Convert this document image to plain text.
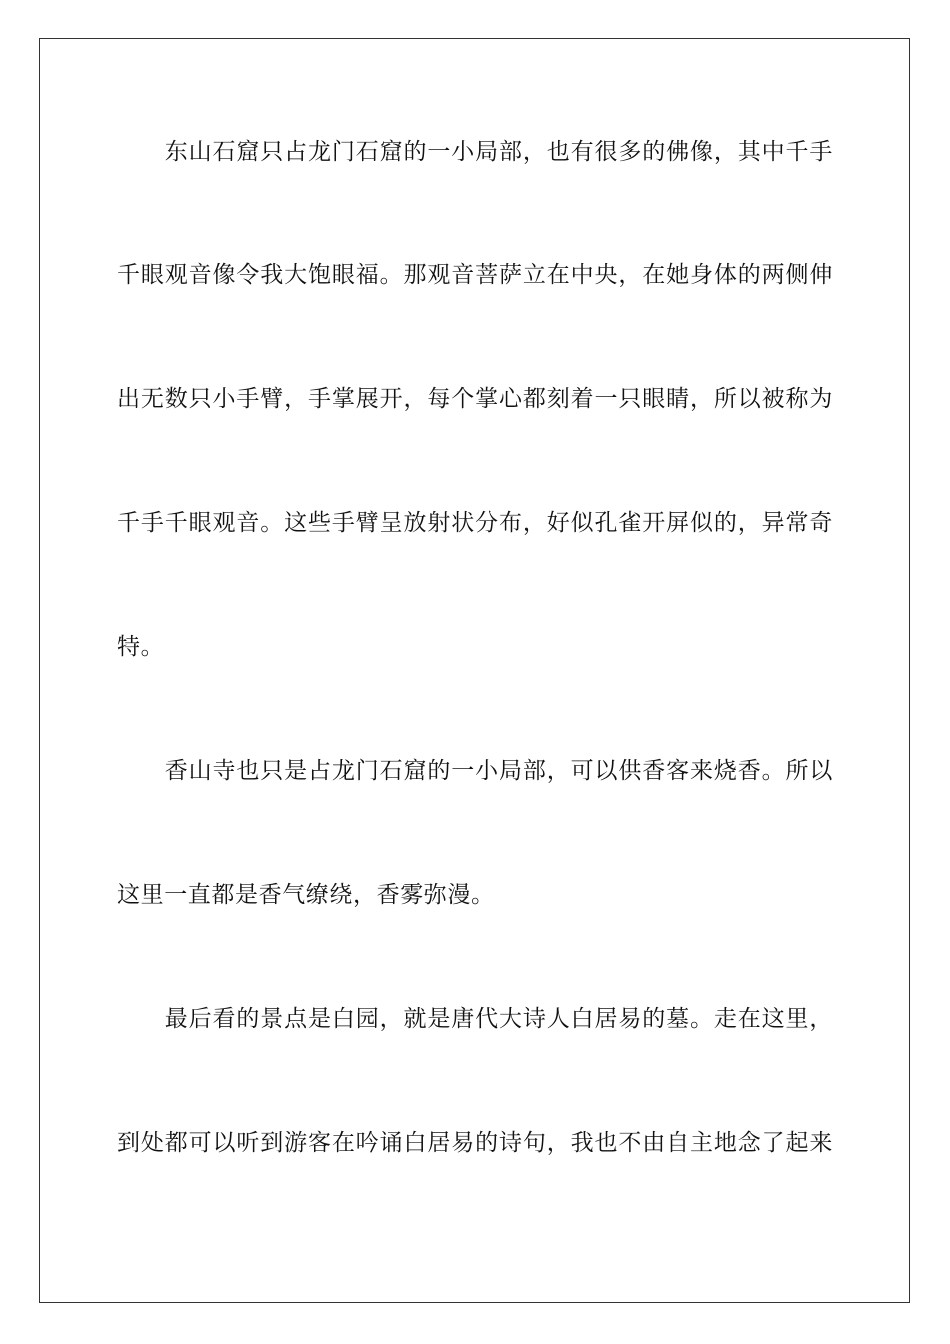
　　东山石窟只占龙门石窟的一小局部，也有很多的佛像，其中千手
千眼观音像令我大饱眼福。那观音菩萨立在中央，在她身体的两侧伸
出无数只小手臂，手掌展开，每个掌心都刻着一只眼睛，所以被称为
千手千眼观音。这些手臂呈放射状分布，好似孔雀开屏似的，异常奇
特。
　　香山寺也只是占龙门石窟的一小局部，可以供香客来烧香。所以
这里一直都是香气缭绕，香雾弥漫。
　　最后看的景点是白园，就是唐代大诗人白居易的墓。走在这里，
到处都可以听到游客在吟诵白居易的诗句，我也不由自主地念了起来
